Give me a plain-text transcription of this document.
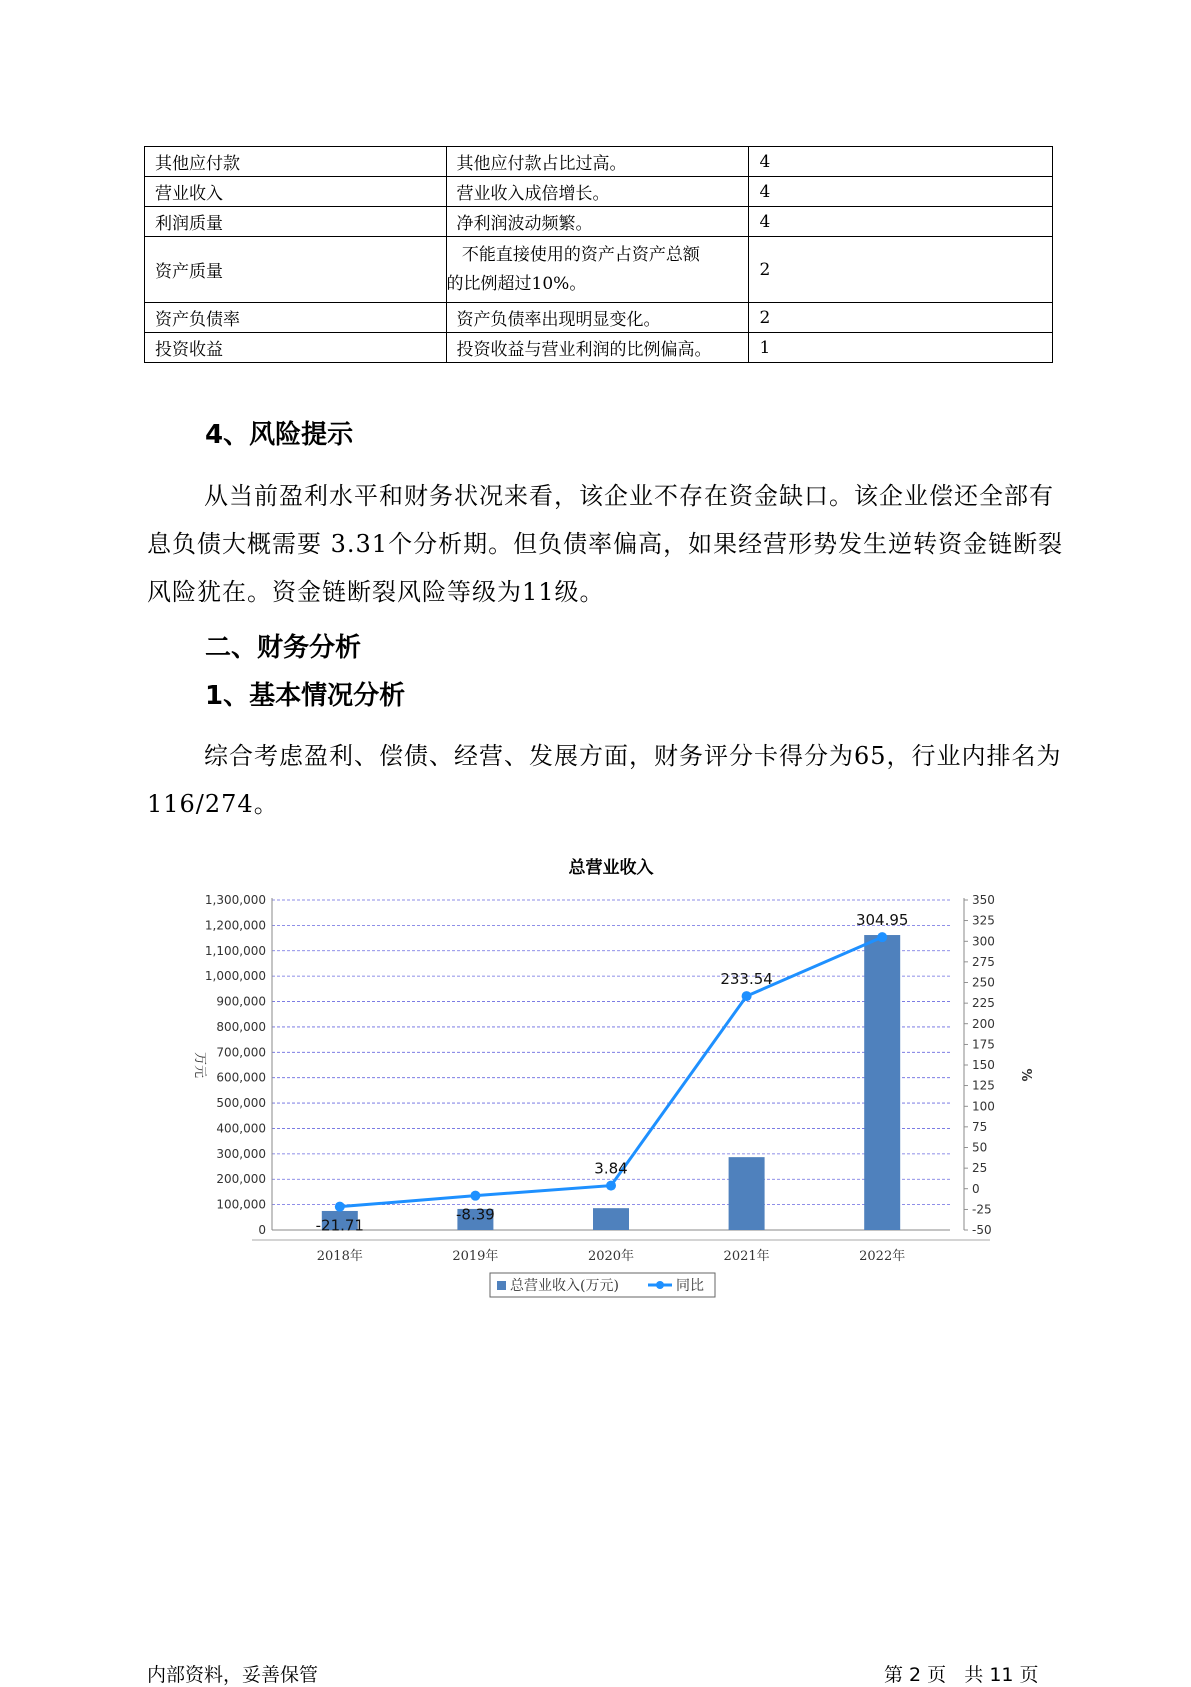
其他应付款	其他应付款占比过高。	4
营业收入	营业收入成倍增长。	4
利润质量	净利润波动频繁。	4
资产质量	不能直接使用的资产占资产总额
的比例超过10%。	2
资产负债率	资产负债率出现明显变化。	2
投资收益	投资收益与营业利润的比例偏高。	1
4、风险提示
从当前盈利水平和财务状况来看，该企业不存在资金缺口。该企业偿还全部有息负债大概需要 3.31个分析期。但负债率偏高，如果经营形势发生逆转资金链断裂风险犹在。资金链断裂风险等级为11级。
二、财务分析
1、基本情况分析
综合考虑盈利、偿债、经营、发展方面，财务评分卡得分为65，行业内排名为116/274。
总营业收入
0
100,000
200,000
300,000
400,000
500,000
600,000
700,000
800,000
900,000
1,000,000
1,100,000
1,200,000
1,300,000
-50
-25
0
25
50
75
100
125
150
175
200
225
250
275
300
325
350
万元	%
2018年	2019年	2020年	2021年	2022年
-21.71
-8.39
3.84
233.54
304.95
总营业收入(万元)	同比
内部资料，妥善保管	第 2 页   共 11 页
